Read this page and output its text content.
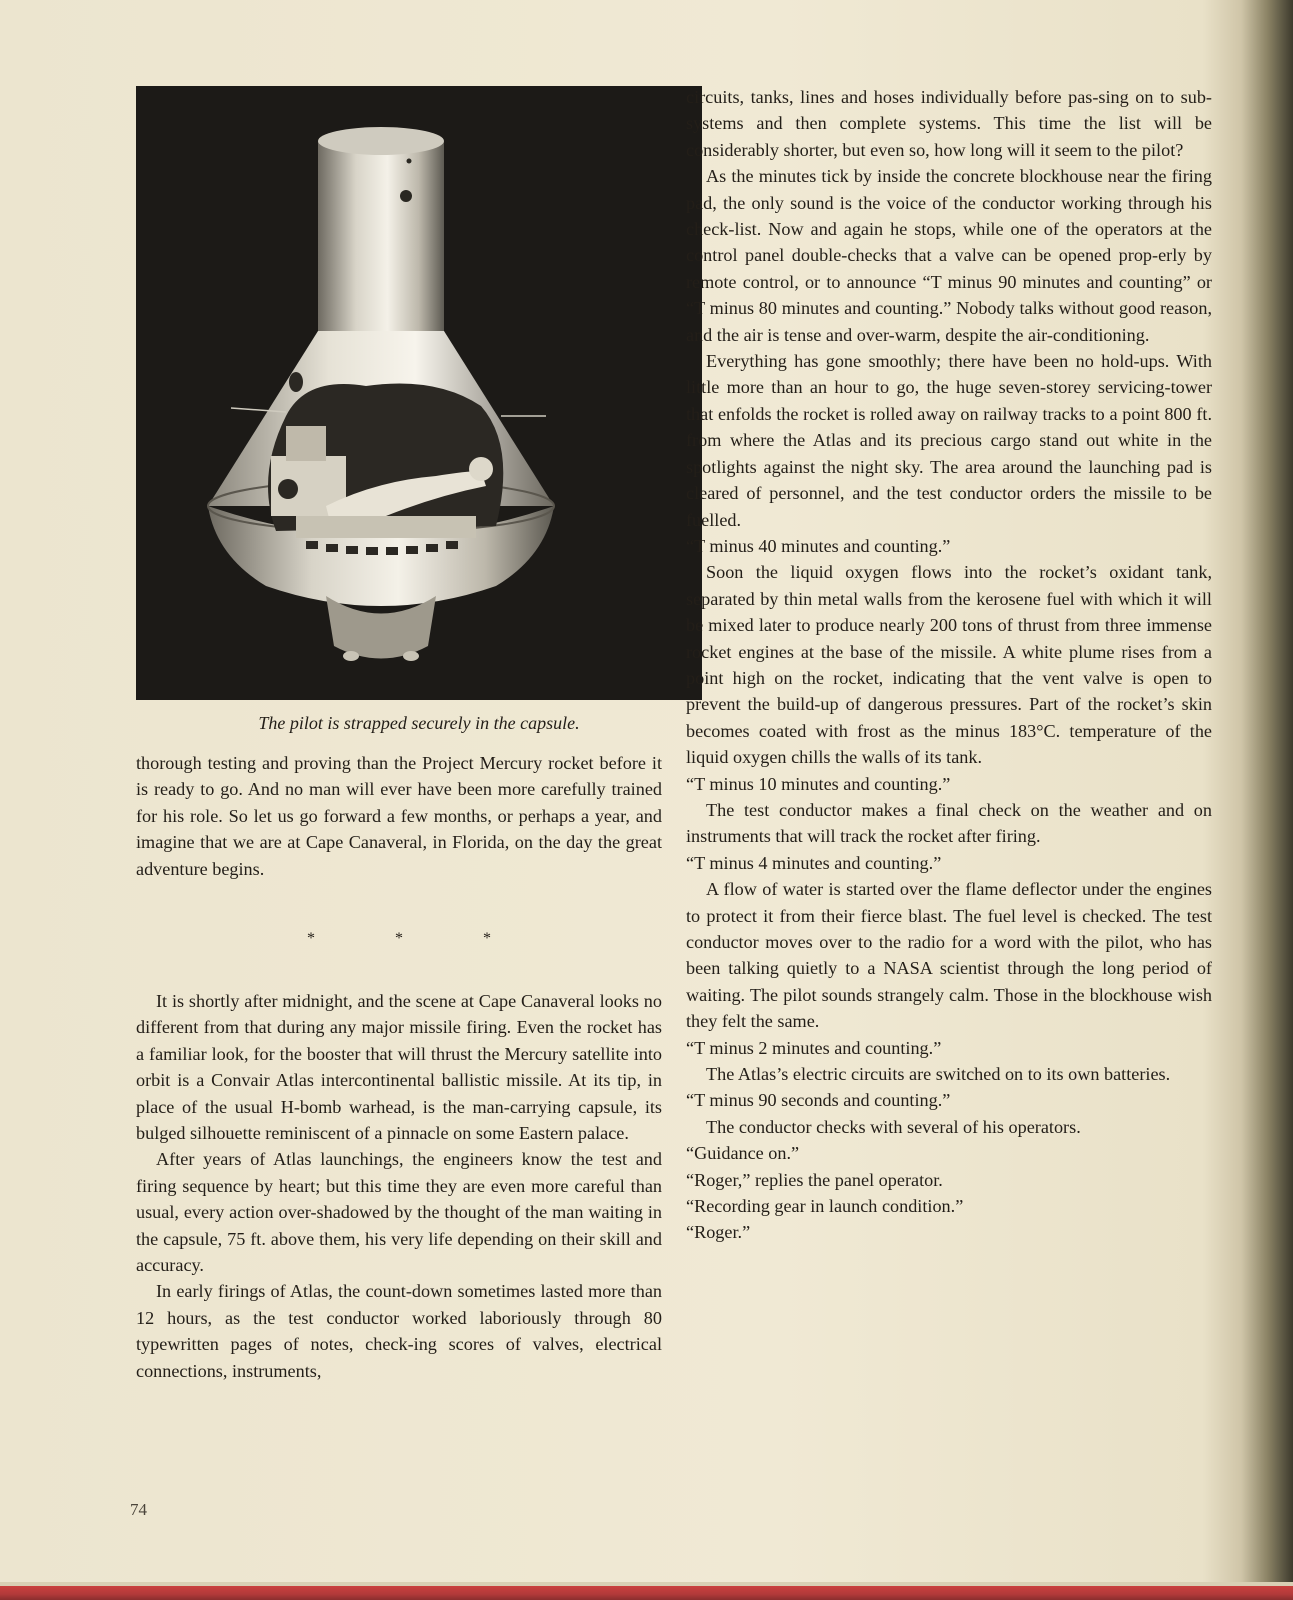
The pilot is strapped securely in the capsule.

thorough testing and proving than the Project Mercury rocket before it is ready to go. And no man will ever have been more carefully trained for his role. So let us go forward a few months, or perhaps a year, and imagine that we are at Cape Canaveral, in Florida, on the day the great adventure begins.

*	*	*

It is shortly after midnight, and the scene at Cape Canaveral looks no different from that during any major missile firing. Even the rocket has a familiar look, for the booster that will thrust the Mercury satellite into orbit is a Convair Atlas intercontinental ballistic missile. At its tip, in place of the usual H-bomb warhead, is the man-carrying capsule, its bulged silhouette reminiscent of a pinnacle on some Eastern palace.

After years of Atlas launchings, the engineers know the test and firing sequence by heart; but this time they are even more careful than usual, every action over-shadowed by the thought of the man waiting in the capsule, 75 ft. above them, his very life depending on their skill and accuracy.

In early firings of Atlas, the count-down sometimes lasted more than 12 hours, as the test conductor worked laboriously through 80 typewritten pages of notes, check-ing scores of valves, electrical connections, instruments,

circuits, tanks, lines and hoses individually before pas-sing on to sub-systems and then complete systems. This time the list will be considerably shorter, but even so, how long will it seem to the pilot?

As the minutes tick by inside the concrete blockhouse near the firing pad, the only sound is the voice of the conductor working through his check-list. Now and again he stops, while one of the operators at the control panel double-checks that a valve can be opened prop-erly by remote control, or to announce “T minus 90 minutes and counting” or “T minus 80 minutes and counting.” Nobody talks without good reason, and the air is tense and over-warm, despite the air-conditioning.

Everything has gone smoothly; there have been no hold-ups. With little more than an hour to go, the huge seven-storey servicing-tower that enfolds the rocket is rolled away on railway tracks to a point 800 ft. from where the Atlas and its precious cargo stand out white in the spotlights against the night sky. The area around the launching pad is cleared of personnel, and the test conductor orders the missile to be fuelled.

“T minus 40 minutes and counting.”

Soon the liquid oxygen flows into the rocket’s oxidant tank, separated by thin metal walls from the kerosene fuel with which it will be mixed later to produce nearly 200 tons of thrust from three immense rocket engines at the base of the missile. A white plume rises from a point high on the rocket, indicating that the vent valve is open to prevent the build-up of dangerous pressures. Part of the rocket’s skin becomes coated with frost as the minus 183°C. temperature of the liquid oxygen chills the walls of its tank.

“T minus 10 minutes and counting.”

The test conductor makes a final check on the weather and on instruments that will track the rocket after firing.

“T minus 4 minutes and counting.”

A flow of water is started over the flame deflector under the engines to protect it from their fierce blast. The fuel level is checked. The test conductor moves over to the radio for a word with the pilot, who has been talking quietly to a NASA scientist through the long period of waiting. The pilot sounds strangely calm. Those in the blockhouse wish they felt the same.

“T minus 2 minutes and counting.”

The Atlas’s electric circuits are switched on to its own batteries.

“T minus 90 seconds and counting.”

The conductor checks with several of his operators.

“Guidance on.”

“Roger,” replies the panel operator.

“Recording gear in launch condition.”

“Roger.”

74
